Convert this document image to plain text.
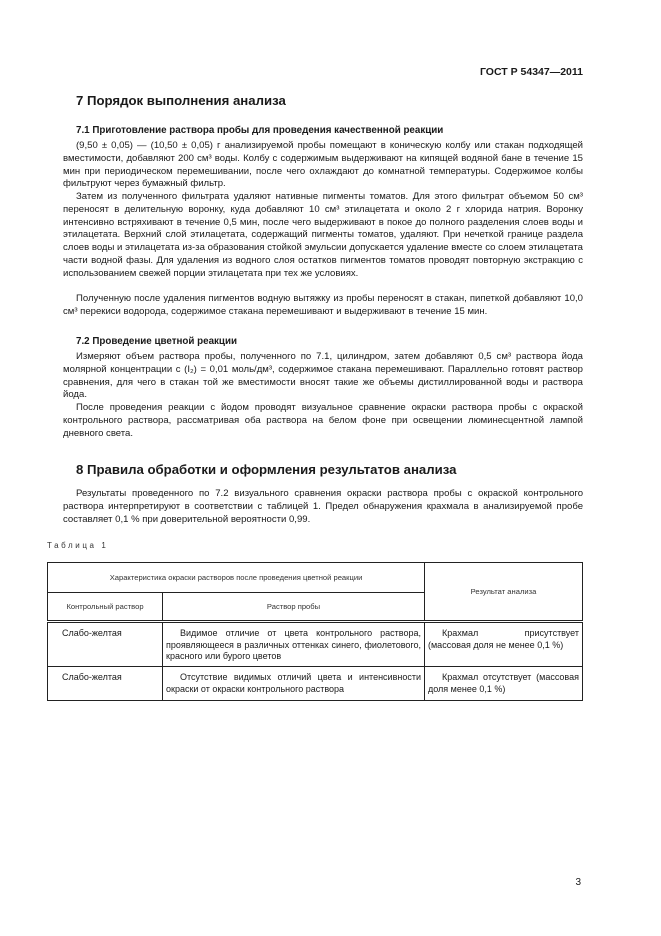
ГОСТ Р 54347—2011
7 Порядок выполнения анализа
7.1 Приготовление раствора пробы для проведения качественной реакции

(9,50 ± 0,05) — (10,50 ± 0,05) г анализируемой пробы помещают в коническую колбу или стакан подходящей вместимости, добавляют 200 см³ воды. Колбу с содержимым выдерживают на кипящей водяной бане в течение 15 мин при периодическом перемешивании, после чего охлаждают до комнатной температуры. Содержимое колбы фильтруют через бумажный фильтр.

Затем из полученного фильтрата удаляют нативные пигменты томатов. Для этого фильтрат объемом 50 см³ переносят в делительную воронку, куда добавляют 10 см³ этилацетата и около 2 г хлорида натрия. Воронку интенсивно встряхивают в течение 0,5 мин, после чего выдерживают в покое до полного разделения слоев воды и этилацетата. Верхний слой этилацетата, содержащий пигменты томатов, удаляют. При нечеткой границе раздела слоев воды и этилацетата из-за образования стойкой эмульсии допускается удаление вместе со слоем этилацетата части водной фазы. Для удаления из водного слоя остатков пигментов томатов проводят повторную экстракцию с использованием свежей порции этилацетата при тех же условиях.

Полученную после удаления пигментов водную вытяжку из пробы переносят в стакан, пипеткой добавляют 10,0 см³ перекиси водорода, содержимое стакана перемешивают и выдерживают в течение 15 мин.

7.2 Проведение цветной реакции

Измеряют объем раствора пробы, полученного по 7.1, цилиндром, затем добавляют 0,5 см³ раствора йода молярной концентрации c (I₂) = 0,01 моль/дм³, содержимое стакана перемешивают. Параллельно готовят раствор сравнения, для чего в стакан той же вместимости вносят такие же объемы дистиллированной воды и раствора йода.

После проведения реакции с йодом проводят визуальное сравнение окраски раствора пробы с окраской контрольного раствора, рассматривая оба раствора на белом фоне при освещении люминесцентной лампой дневного света.

8 Правила обработки и оформления результатов анализа

Результаты проведенного по 7.2 визуального сравнения окраски раствора пробы с окраской контрольного раствора интерпретируют в соответствии с таблицей 1. Предел обнаружения крахмала в анализируемой пробе составляет 0,1 % при доверительной вероятности 0,99.

Таблица 1
Характеристика окраски растворов после проведения цветной реакции		Результат анализа
Контрольный раствор	Раствор пробы	
Слабо-желтая	Видимое отличие от цвета контрольного раствора, проявляющееся в различных оттенках синего, фиолетового, красного или бурого цветов	Крахмал присутствует (массовая доля не менее 0,1 %)
Слабо-желтая	Отсутствие видимых отличий цвета и интенсивности окраски от окраски контрольного раствора	Крахмал отсутствует (массовая доля менее 0,1 %)
3
